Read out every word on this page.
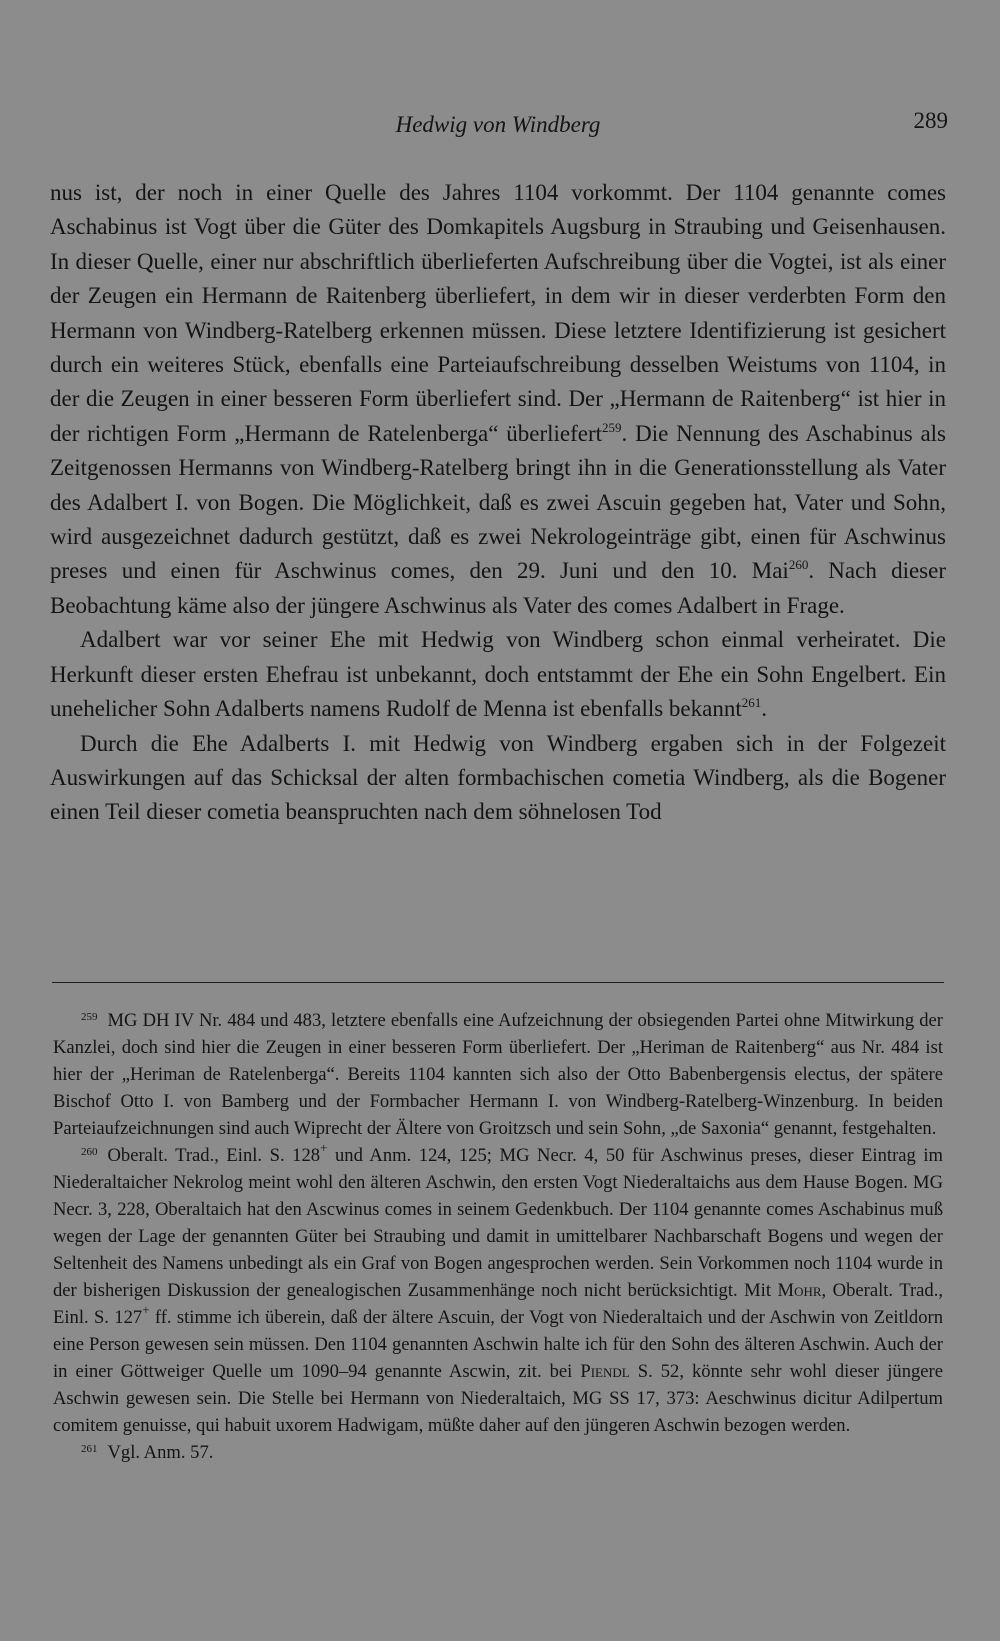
Hedwig von Windberg	289

nus ist, der noch in einer Quelle des Jahres 1104 vorkommt. Der 1104 genannte comes Aschabinus ist Vogt über die Güter des Domkapitels Augsburg in Straubing und Geisenhausen. In dieser Quelle, einer nur abschriftlich überlieferten Aufschreibung über die Vogtei, ist als einer der Zeugen ein Hermann de Raitenberg überliefert, in dem wir in dieser verderbten Form den Hermann von Windberg-Ratelberg erkennen müssen. Diese letztere Identifizierung ist gesichert durch ein weiteres Stück, ebenfalls eine Parteiaufschreibung desselben Weistums von 1104, in der die Zeugen in einer besseren Form überliefert sind. Der „Hermann de Raitenberg“ ist hier in der richtigen Form „Hermann de Ratelenberga“ überliefert$^{259}$. Die Nennung des Aschabinus als Zeitgenossen Hermanns von Windberg-Ratelberg bringt ihn in die Generationsstellung als Vater des Adalbert I. von Bogen. Die Möglichkeit, daß es zwei Ascuin gegeben hat, Vater und Sohn, wird ausgezeichnet dadurch gestützt, daß es zwei Nekrologeinträge gibt, einen für Aschwinus preses und einen für Aschwinus comes, den 29. Juni und den 10. Mai$^{260}$. Nach dieser Beobachtung käme also der jüngere Aschwinus als Vater des comes Adalbert in Frage.

Adalbert war vor seiner Ehe mit Hedwig von Windberg schon einmal verheiratet. Die Herkunft dieser ersten Ehefrau ist unbekannt, doch entstammt der Ehe ein Sohn Engelbert. Ein unehelicher Sohn Adalberts namens Rudolf de Menna ist ebenfalls bekannt$^{261}$.

Durch die Ehe Adalberts I. mit Hedwig von Windberg ergaben sich in der Folgezeit Auswirkungen auf das Schicksal der alten formbachischen cometia Windberg, als die Bogener einen Teil dieser cometia beanspruchten nach dem söhnelosen Tod

$^{259}$ MG DH IV Nr. 484 und 483, letztere ebenfalls eine Aufzeichnung der obsiegenden Partei ohne Mitwirkung der Kanzlei, doch sind hier die Zeugen in einer besseren Form überliefert. Der „Heriman de Raitenberg“ aus Nr. 484 ist hier der „Heriman de Ratelenberga“. Bereits 1104 kannten sich also der Otto Babenbergensis electus, der spätere Bischof Otto I. von Bamberg und der Formbacher Hermann I. von Windberg-Ratelberg-Winzenburg. In beiden Parteiaufzeichnungen sind auch Wiprecht der Ältere von Groitzsch und sein Sohn, „de Saxonia“ genannt, festgehalten.

$^{260}$ Oberalt. Trad., Einl. S. 128+ und Anm. 124, 125; MG Necr. 4, 50 für Aschwinus preses, dieser Eintrag im Niederaltaicher Nekrolog meint wohl den älteren Aschwin, den ersten Vogt Niederaltaichs aus dem Hause Bogen. MG Necr. 3, 228, Oberaltaich hat den Ascwinus comes in seinem Gedenkbuch. Der 1104 genannte comes Aschabinus muß wegen der Lage der genannten Güter bei Straubing und damit in umittelbarer Nachbarschaft Bogens und wegen der Seltenheit des Namens unbedingt als ein Graf von Bogen angesprochen werden. Sein Vorkommen noch 1104 wurde in der bisherigen Diskussion der genealogischen Zusammenhänge noch nicht berücksichtigt. Mit Mohr, Oberalt. Trad., Einl. S. 127+ ff. stimme ich überein, daß der ältere Ascuin, der Vogt von Niederaltaich und der Aschwin von Zeitldorn eine Person gewesen sein müssen. Den 1104 genannten Aschwin halte ich für den Sohn des älteren Aschwin. Auch der in einer Göttweiger Quelle um 1090–94 genannte Ascwin, zit. bei Piendl S. 52, könnte sehr wohl dieser jüngere Aschwin gewesen sein. Die Stelle bei Hermann von Niederaltaich, MG SS 17, 373: Aeschwinus dicitur Adilpertum comitem genuisse, qui habuit uxorem Hadwigam, müßte daher auf den jüngeren Aschwin bezogen werden.

$^{261}$ Vgl. Anm. 57.
